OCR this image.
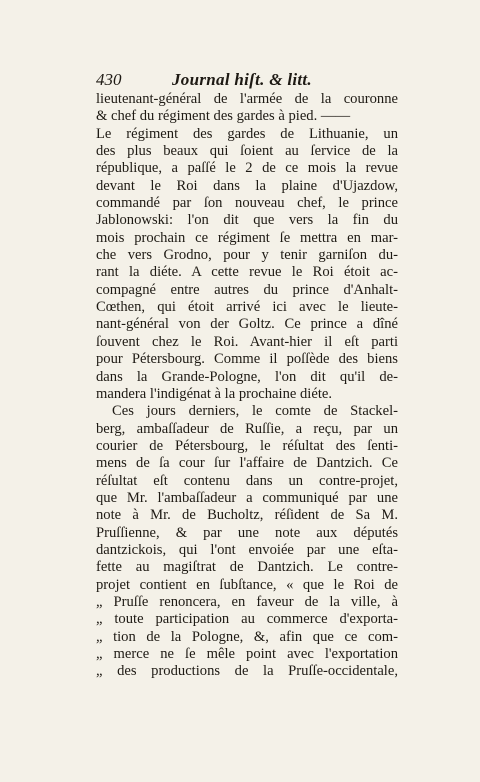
430	Journal hiſt. & litt.
lieutenant-général de l'armée de la couronne
& chef du régiment des gardes à pied. ——
Le régiment des gardes de Lithuanie, un
des plus beaux qui ſoient au ſervice de la
république, a paſſé le 2 de ce mois la revue
devant le Roi dans la plaine d'Ujazdow,
commandé par ſon nouveau chef, le prince
Jablonowski: l'on dit que vers la fin du
mois prochain ce régiment ſe mettra en mar-
che vers Grodno, pour y tenir garniſon du-
rant la diéte. A cette revue le Roi étoit ac-
compagné entre autres du prince d'Anhalt-
Cœthen, qui étoit arrivé ici avec le lieute-
nant-général von der Goltz. Ce prince a dîné
ſouvent chez le Roi. Avant-hier il eſt parti
pour Pétersbourg. Comme il poſſède des biens
dans la Grande-Pologne, l'on dit qu'il de-
mandera l'indigénat à la prochaine diéte.
Ces jours derniers, le comte de Stackel-
berg, ambaſſadeur de Ruſſie, a reçu, par un
courier de Pétersbourg, le réſultat des ſenti-
mens de ſa cour ſur l'affaire de Dantzich. Ce
réſultat eſt contenu dans un contre-projet,
que Mr. l'ambaſſadeur a communiqué par une
note à Mr. de Bucholtz, réſident de Sa M.
Pruſſienne, & par une note aux députés
dantzickois, qui l'ont envoiée par une eſta-
fette au magiſtrat de Dantzich. Le contre-
projet contient en ſubſtance, « que le Roi de
„ Pruſſe renoncera, en faveur de la ville, à
„ toute participation au commerce d'exporta-
„ tion de la Pologne, &, afin que ce com-
„ merce ne ſe mêle point avec l'exportation
„ des productions de la Pruſſe-occidentale,
